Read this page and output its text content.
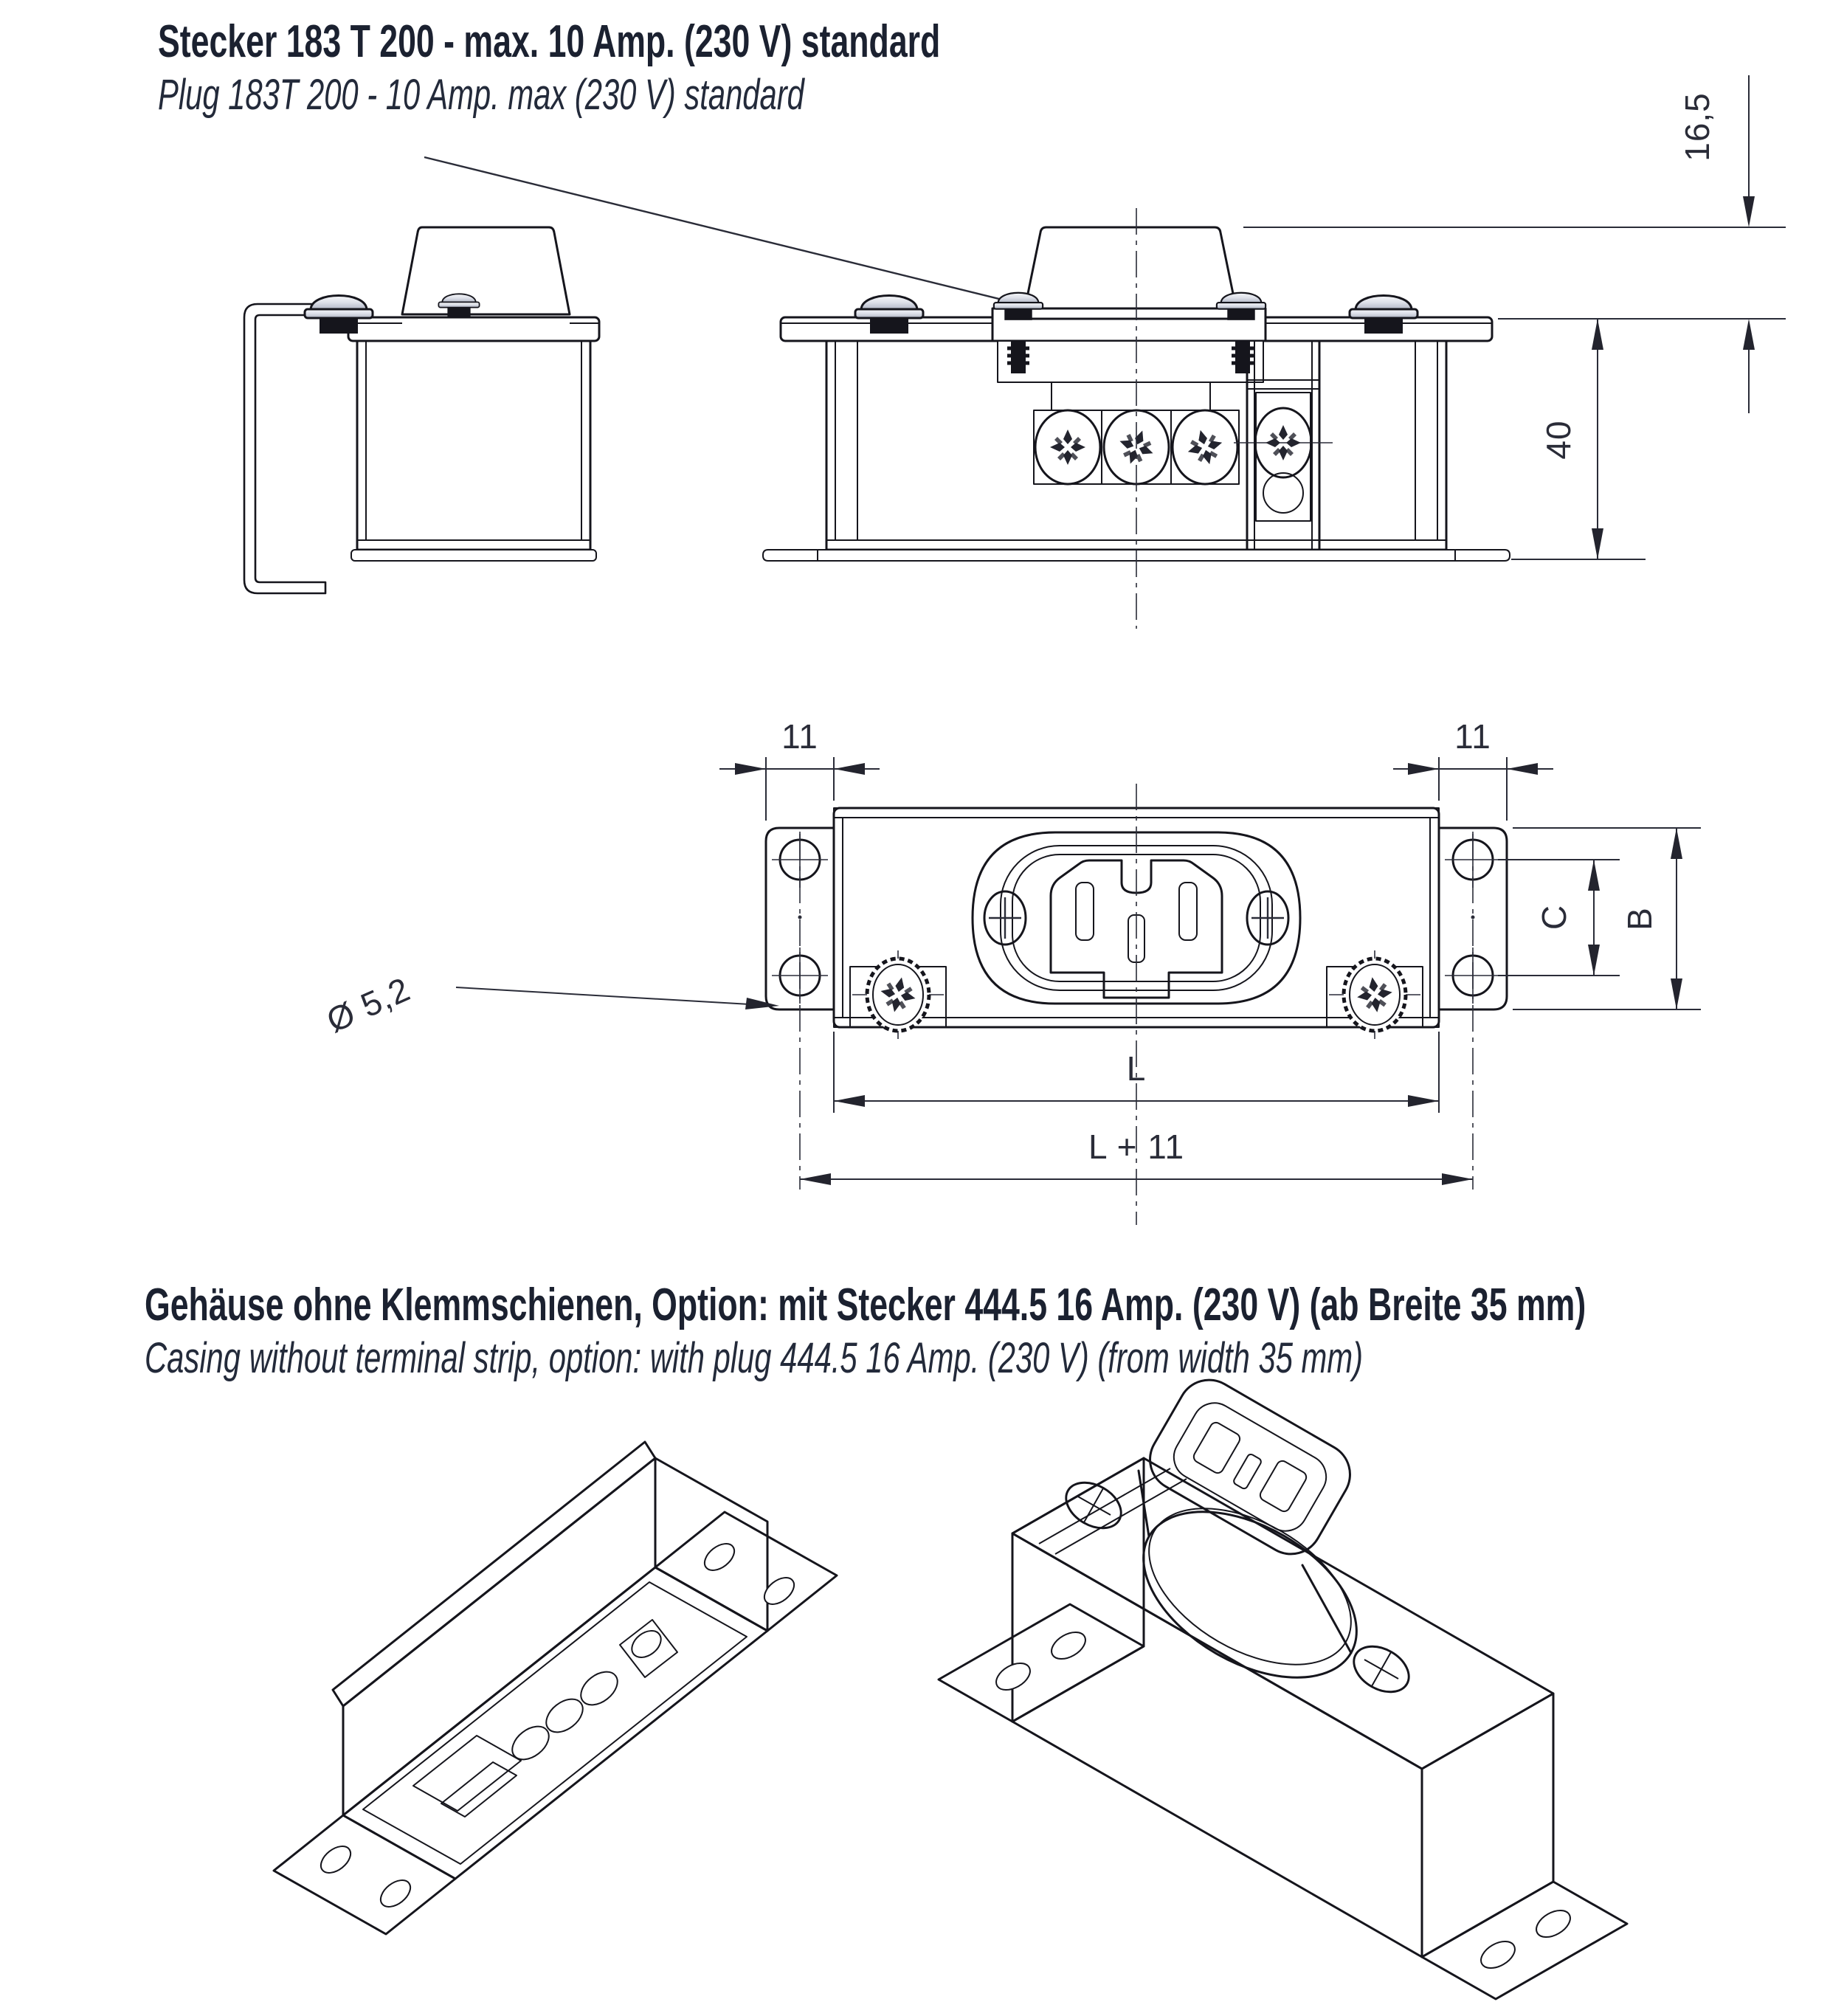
Stecker 183 T 200 - max. 10 Amp. (230 V) standard
Plug 183T 200 - 10 Amp. max (230 V) standard
Gehäuse ohne Klemmschienen, Option: mit Stecker 444.5 16 Amp. (230 V) (ab Breite 35 mm)
Casing without terminal strip, option: with plug 444.5 16 Amp. (230 V) (from width 35 mm)
16,5
40
11	11
C B
Ø 5,2
L
L + 11
